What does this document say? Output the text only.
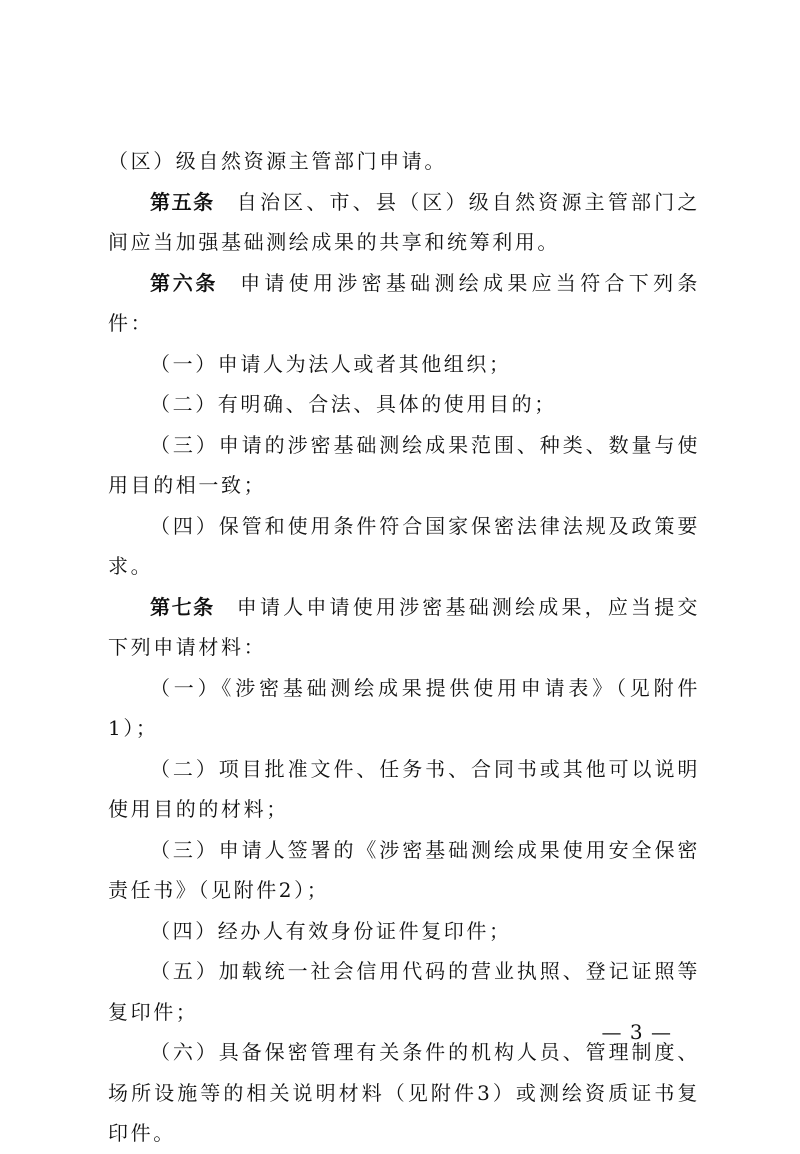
（区）级自然资源主管部门申请。

第五条 自治区、市、县（区）级自然资源主管部门之间应当加强基础测绘成果的共享和统筹利用。

第六条 申请使用涉密基础测绘成果应当符合下列条件：

（一）申请人为法人或者其他组织；

（二）有明确、合法、具体的使用目的；

（三）申请的涉密基础测绘成果范围、种类、数量与使用目的相一致；

（四）保管和使用条件符合国家保密法律法规及政策要求。

第七条 申请人申请使用涉密基础测绘成果，应当提交下列申请材料：

（一）《涉密基础测绘成果提供使用申请表》（见附件1）；

（二）项目批准文件、任务书、合同书或其他可以说明使用目的的材料；

（三）申请人签署的《涉密基础测绘成果使用安全保密责任书》（见附件2）；

（四）经办人有效身份证件复印件；

（五）加载统一社会信用代码的营业执照、登记证照等复印件；

（六）具备保密管理有关条件的机构人员、管理制度、场所设施等的相关说明材料（见附件3）或测绘资质证书复印件。

— 3 —
